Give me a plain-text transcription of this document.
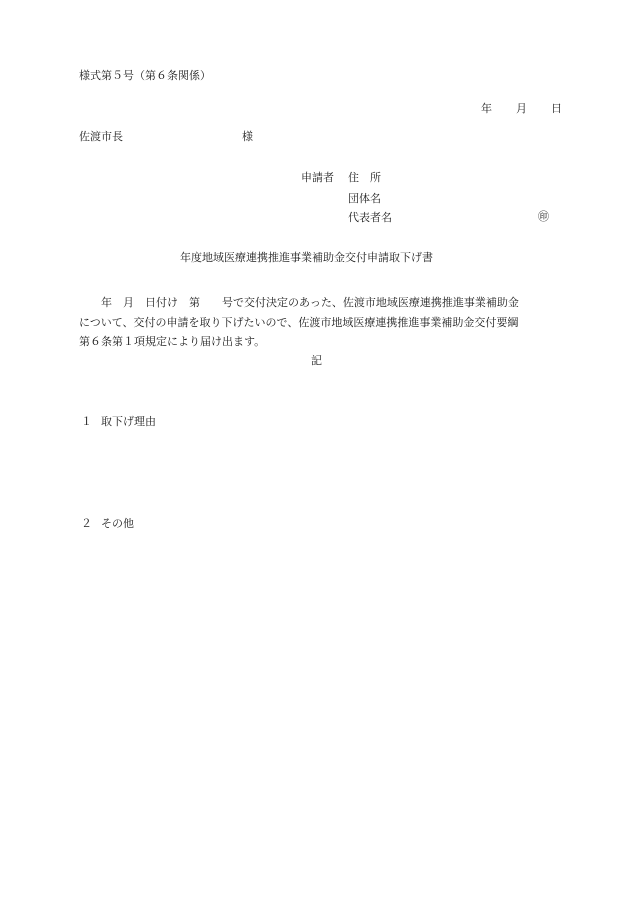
様式第５号（第６条関係）

年 月 日

佐渡市長	様
申請者 住　所
団体名
代表者名	㊞
年度地域医療連携推進事業補助金交付申請取下げ書
　　年　月　日付け　第　　号で交付決定のあった、佐渡市地域医療連携推進事業補助金
について、交付の申請を取り下げたいので、佐渡市地域医療連携推進事業補助金交付要綱
第６条第１項規定により届け出ます。
記
１ 取下げ理由
２ その他
